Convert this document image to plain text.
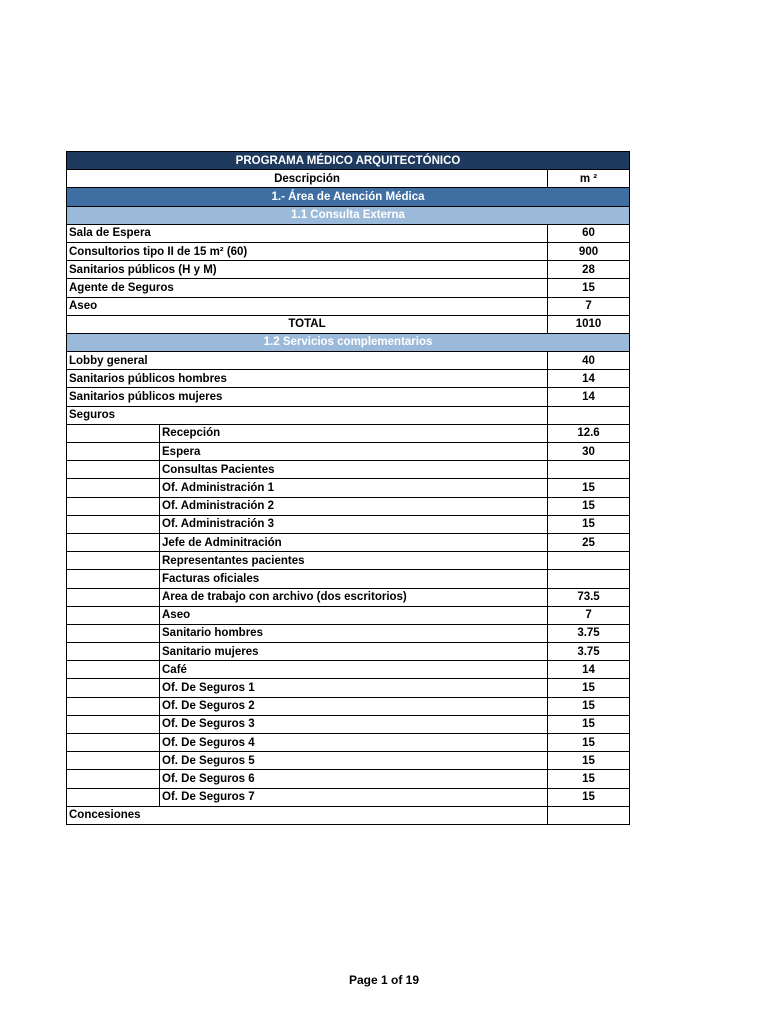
PROGRAMA MÉDICO ARQUITECTÓNICO		
Descripción		m ²
1.- Área de Atención Médica		
1.1 Consulta Externa		
Sala de Espera		60
Consultorios tipo II de 15 m² (60)		900
Sanitarios públicos (H y M)		28
Agente de Seguros		15
Aseo		7
TOTAL		1010
1.2 Servicios complementarios		
Lobby general		40
Sanitarios públicos hombres		14
Sanitarios públicos mujeres		14
Seguros		
	Recepción	12.6
	Espera	30
	Consultas Pacientes	
	Of. Administración 1	15
	Of. Administración 2	15
	Of. Administración 3	15
	Jefe de Adminitración	25
	Representantes pacientes	
	Facturas oficiales	
	Area de trabajo con archivo (dos escritorios)	73.5
	Aseo	7
	Sanitario hombres	3.75
	Sanitario mujeres	3.75
	Café	14
	Of. De Seguros 1	15
	Of. De Seguros 2	15
	Of. De Seguros 3	15
	Of. De Seguros 4	15
	Of. De Seguros 5	15
	Of. De Seguros 6	15
	Of. De Seguros 7	15
Concesiones		
Page 1 of 19
